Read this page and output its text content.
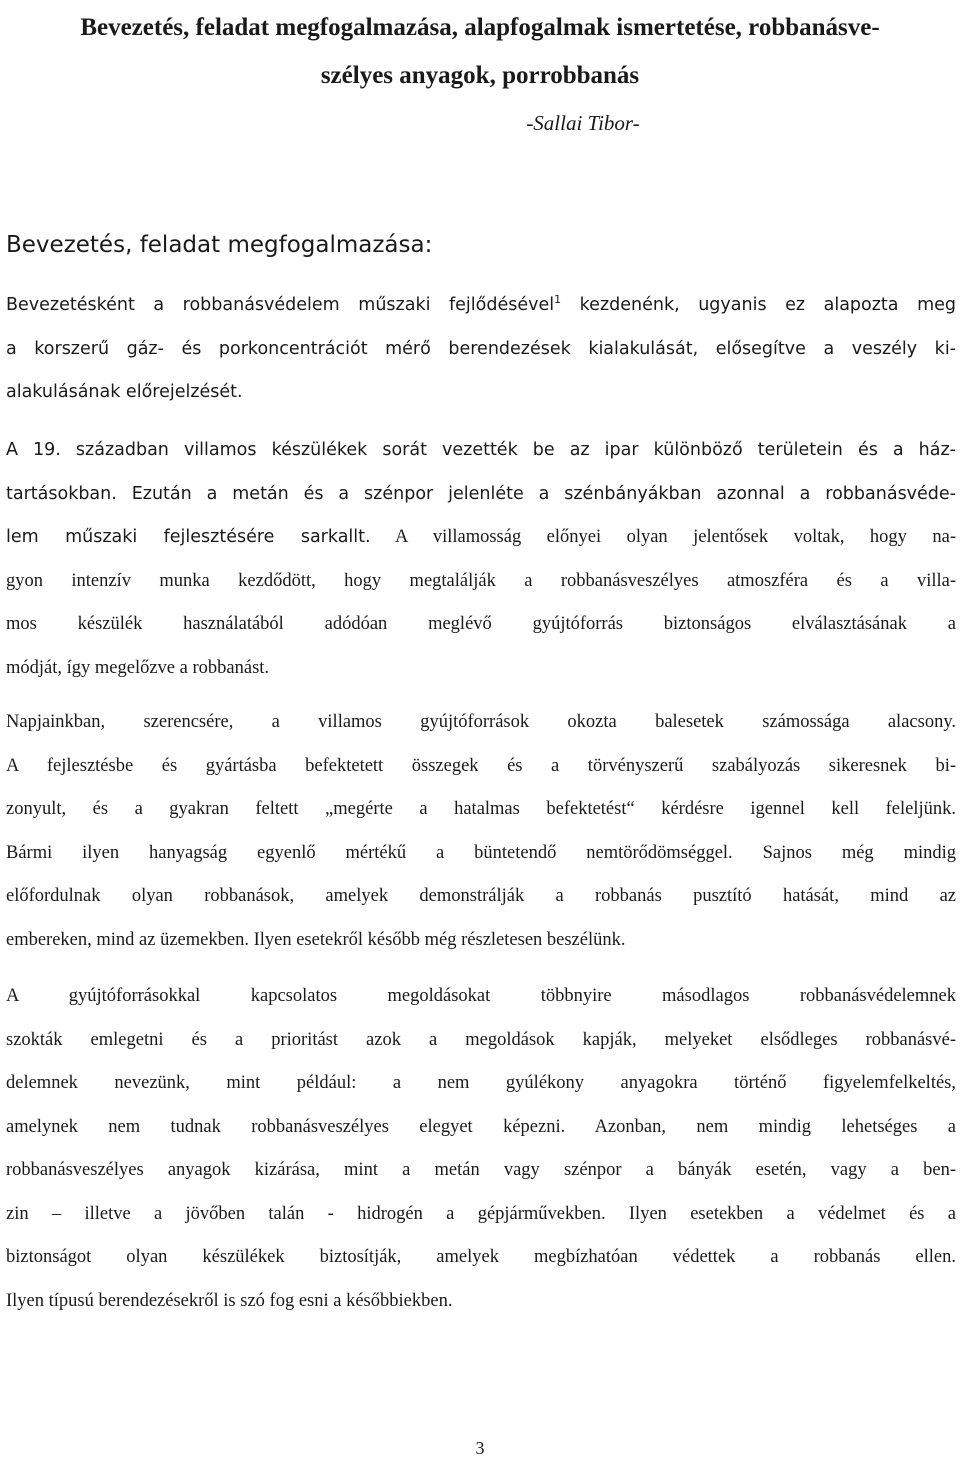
Bevezetés, feladat megfogalmazása, alapfogalmak ismertetése, robbanásve-
szélyes anyagok, porrobbanás
-Sallai Tibor-
Bevezetés, feladat megfogalmazása:

Bevezetésként a robbanásvédelem műszaki fejlődésével$^1$ kezdenénk, ugyanis ez alapozta meg
a korszerű gáz- és porkoncentrációt mérő berendezések kialakulását, elősegítve a veszély ki-
alakulásának előrejelzését.

A 19. században villamos készülékek sorát vezették be az ipar különböző területein és a ház-
tartásokban. Ezután a metán és a szénpor jelenléte a szénbányákban azonnal a robbanásvéde-
lem műszaki fejlesztésére sarkallt. A villamosság előnyei olyan jelentősek voltak, hogy na-
gyon intenzív munka kezdődött, hogy megtalálják a robbanásveszélyes atmoszféra és a villa-
mos készülék használatából adódóan meglévő gyújtóforrás biztonságos elválasztásának a
módját, így megelőzve a robbanást.

Napjainkban, szerencsére, a villamos gyújtóforrások okozta balesetek számossága alacsony.
A fejlesztésbe és gyártásba befektetett összegek és a törvényszerű szabályozás sikeresnek bi-
zonyult, és a gyakran feltett „megérte a hatalmas befektetést“ kérdésre igennel kell feleljünk.
Bármi ilyen hanyagság egyenlő mértékű a büntetendő nemtörődömséggel. Sajnos még mindig
előfordulnak olyan robbanások, amelyek demonstrálják a robbanás pusztító hatását, mind az
embereken, mind az üzemekben. Ilyen esetekről később még részletesen beszélünk.

A gyújtóforrásokkal kapcsolatos megoldásokat többnyire másodlagos robbanásvédelemnek
szokták emlegetni és a prioritást azok a megoldások kapják, melyeket elsődleges robbanásvé-
delemnek nevezünk, mint például: a nem gyúlékony anyagokra történő figyelemfelkeltés,
amelynek nem tudnak robbanásveszélyes elegyet képezni. Azonban, nem mindig lehetséges a
robbanásveszélyes anyagok kizárása, mint a metán vagy szénpor a bányák esetén, vagy a ben-
zin – illetve a jövőben talán - hidrogén a gépjárművekben. Ilyen esetekben a védelmet és a
biztonságot olyan készülékek biztosítják, amelyek megbízhatóan védettek a robbanás ellen.
Ilyen típusú berendezésekről is szó fog esni a későbbiekben.

3
